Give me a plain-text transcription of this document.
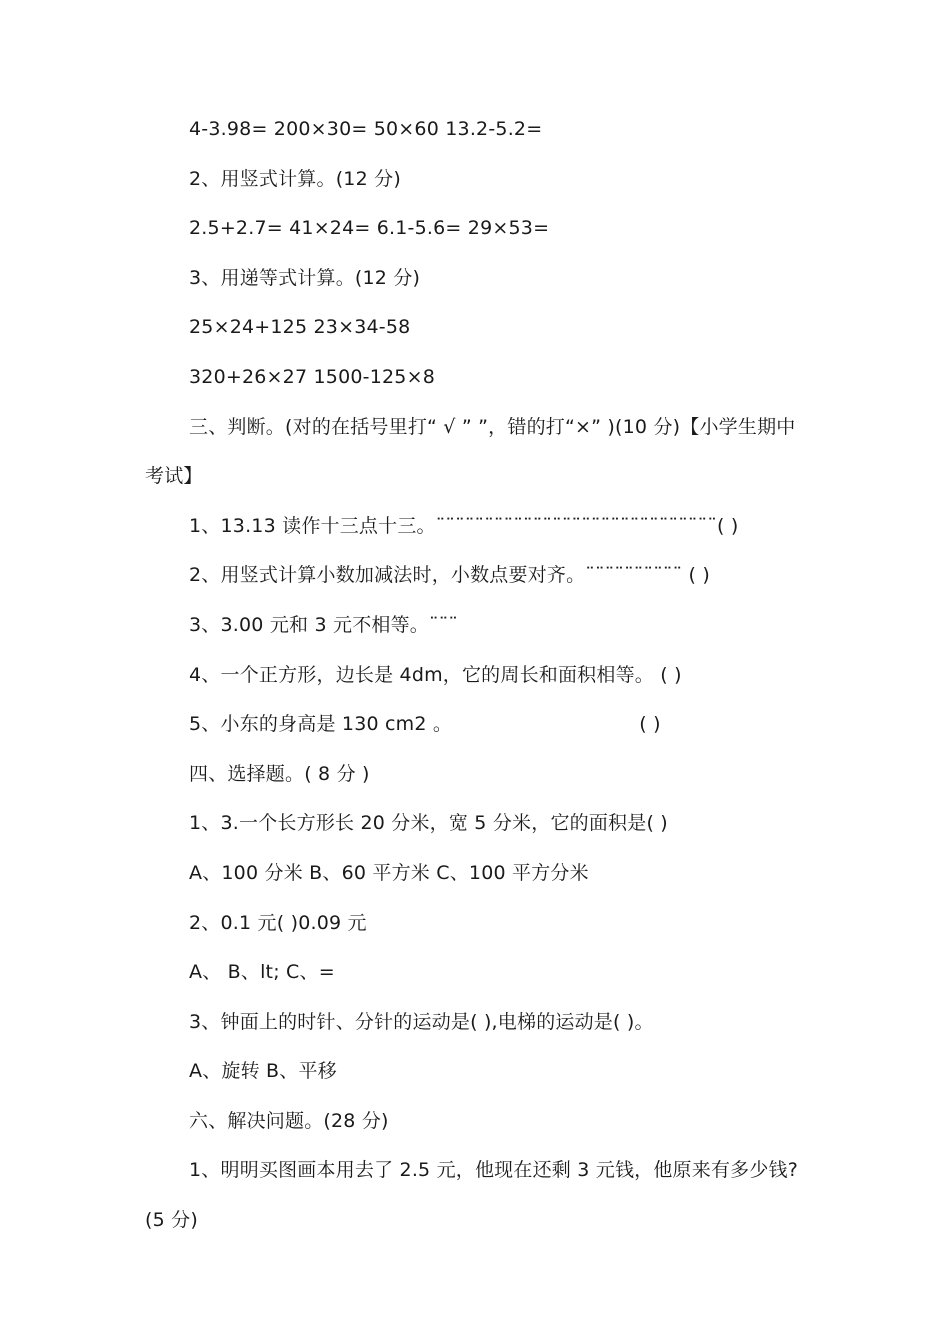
4-3.98= 200×30= 50×60 13.2-5.2=
2、用竖式计算。(12 分)
2.5+2.7= 41×24= 6.1-5.6= 29×53=
3、用递等式计算。(12 分)
25×24+125 23×34-58
320+26×27 1500-125×8
三、判断。(对的在括号里打“ √ ” ”，错的打“×” )(10 分)【小学生期中考试】
1、13.13 读作十三点十三。¨¨¨¨¨¨¨¨¨¨¨¨¨¨¨¨¨¨¨¨¨¨¨¨¨¨¨¨¨( )
2、用竖式计算小数加减法时，小数点要对齐。¨¨¨¨¨¨¨¨¨¨ ( )
3、3.00 元和 3 元不相等。¨¨¨
4、一个正方形，边长是 4dm，它的周长和面积相等。 ( )
5、小东的身高是 130 cm2 。                              ( )
四、选择题。( 8 分 )
1、3.一个长方形长 20 分米，宽 5 分米，它的面积是( )
A、100 分米 B、60 平方米 C、100 平方分米
2、0.1 元( )0.09 元
A、 B、lt; C、=
3、钟面上的时针、分针的运动是( ),电梯的运动是( )。
A、旋转 B、平移
六、解决问题。(28 分)
1、明明买图画本用去了 2.5 元，他现在还剩 3 元钱，他原来有多少钱?(5 分)
